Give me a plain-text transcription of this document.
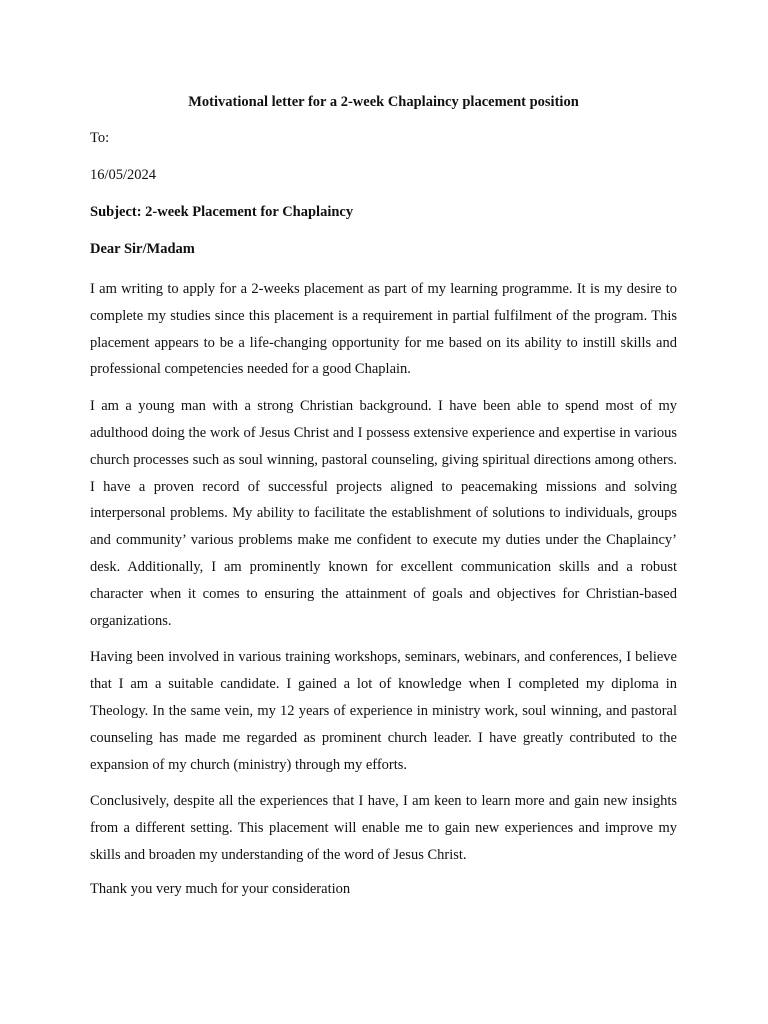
Motivational letter for a 2-week Chaplaincy placement position
To:
16/05/2024
Subject: 2-week Placement for Chaplaincy
Dear Sir/Madam

I am writing to apply for a 2-weeks placement as part of my learning programme. It is my desire to complete my studies since this placement is a requirement in partial fulfilment of the program. This placement appears to be a life-changing opportunity for me based on its ability to instill skills and professional competencies needed for a good Chaplain.

I am a young man with a strong Christian background. I have been able to spend most of my adulthood doing the work of Jesus Christ and I possess extensive experience and expertise in various church processes such as soul winning, pastoral counseling, giving spiritual directions among others. I have a proven record of successful projects aligned to peacemaking missions and solving interpersonal problems. My ability to facilitate the establishment of solutions to individuals, groups and community’ various problems make me confident to execute my duties under the Chaplaincy’ desk. Additionally, I am prominently known for excellent communication skills and a robust character when it comes to ensuring the attainment of goals and objectives for Christian-based organizations.

Having been involved in various training workshops, seminars, webinars, and conferences, I believe that I am a suitable candidate. I gained a lot of knowledge when I completed my diploma in Theology. In the same vein, my 12 years of experience in ministry work, soul winning, and pastoral counseling has made me regarded as prominent church leader. I have greatly contributed to the expansion of my church (ministry) through my efforts.

Conclusively, despite all the experiences that I have, I am keen to learn more and gain new insights from a different setting. This placement will enable me to gain new experiences and improve my skills and broaden my understanding of the word of Jesus Christ.

Thank you very much for your consideration
